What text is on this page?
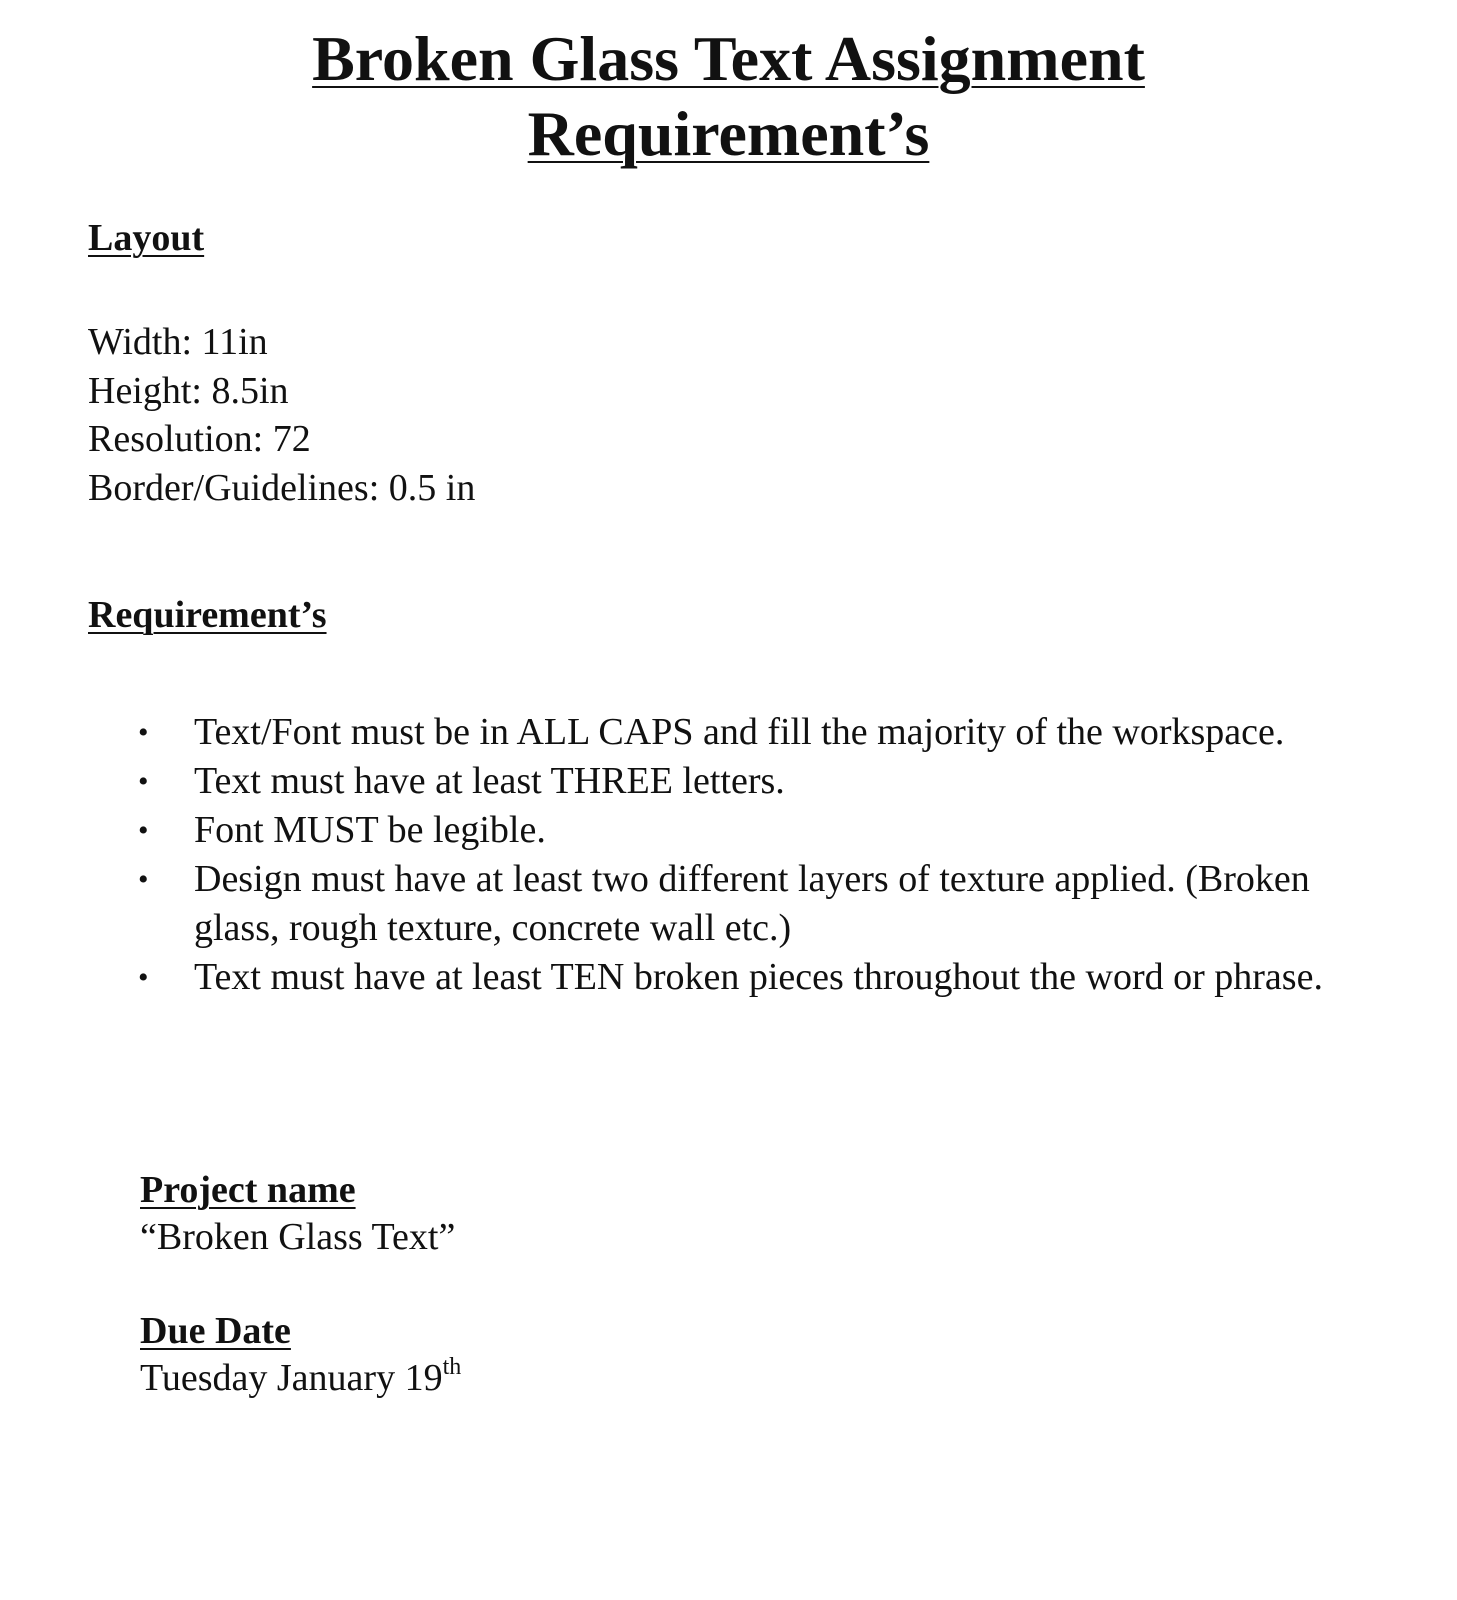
Broken Glass Text Assignment
Requirement’s
Layout
Width: 11in
Height: 8.5in
Resolution: 72
Border/Guidelines: 0.5 in
Requirement’s
• Text/Font must be in ALL CAPS and fill the majority of the workspace.
• Text must have at least THREE letters.
• Font MUST be legible.
• Design must have at least two different layers of texture applied. (Broken glass, rough texture, concrete wall etc.)
• Text must have at least TEN broken pieces throughout the word or phrase.
Project name

“Broken Glass Text”

Due Date

Tuesday January 19th
